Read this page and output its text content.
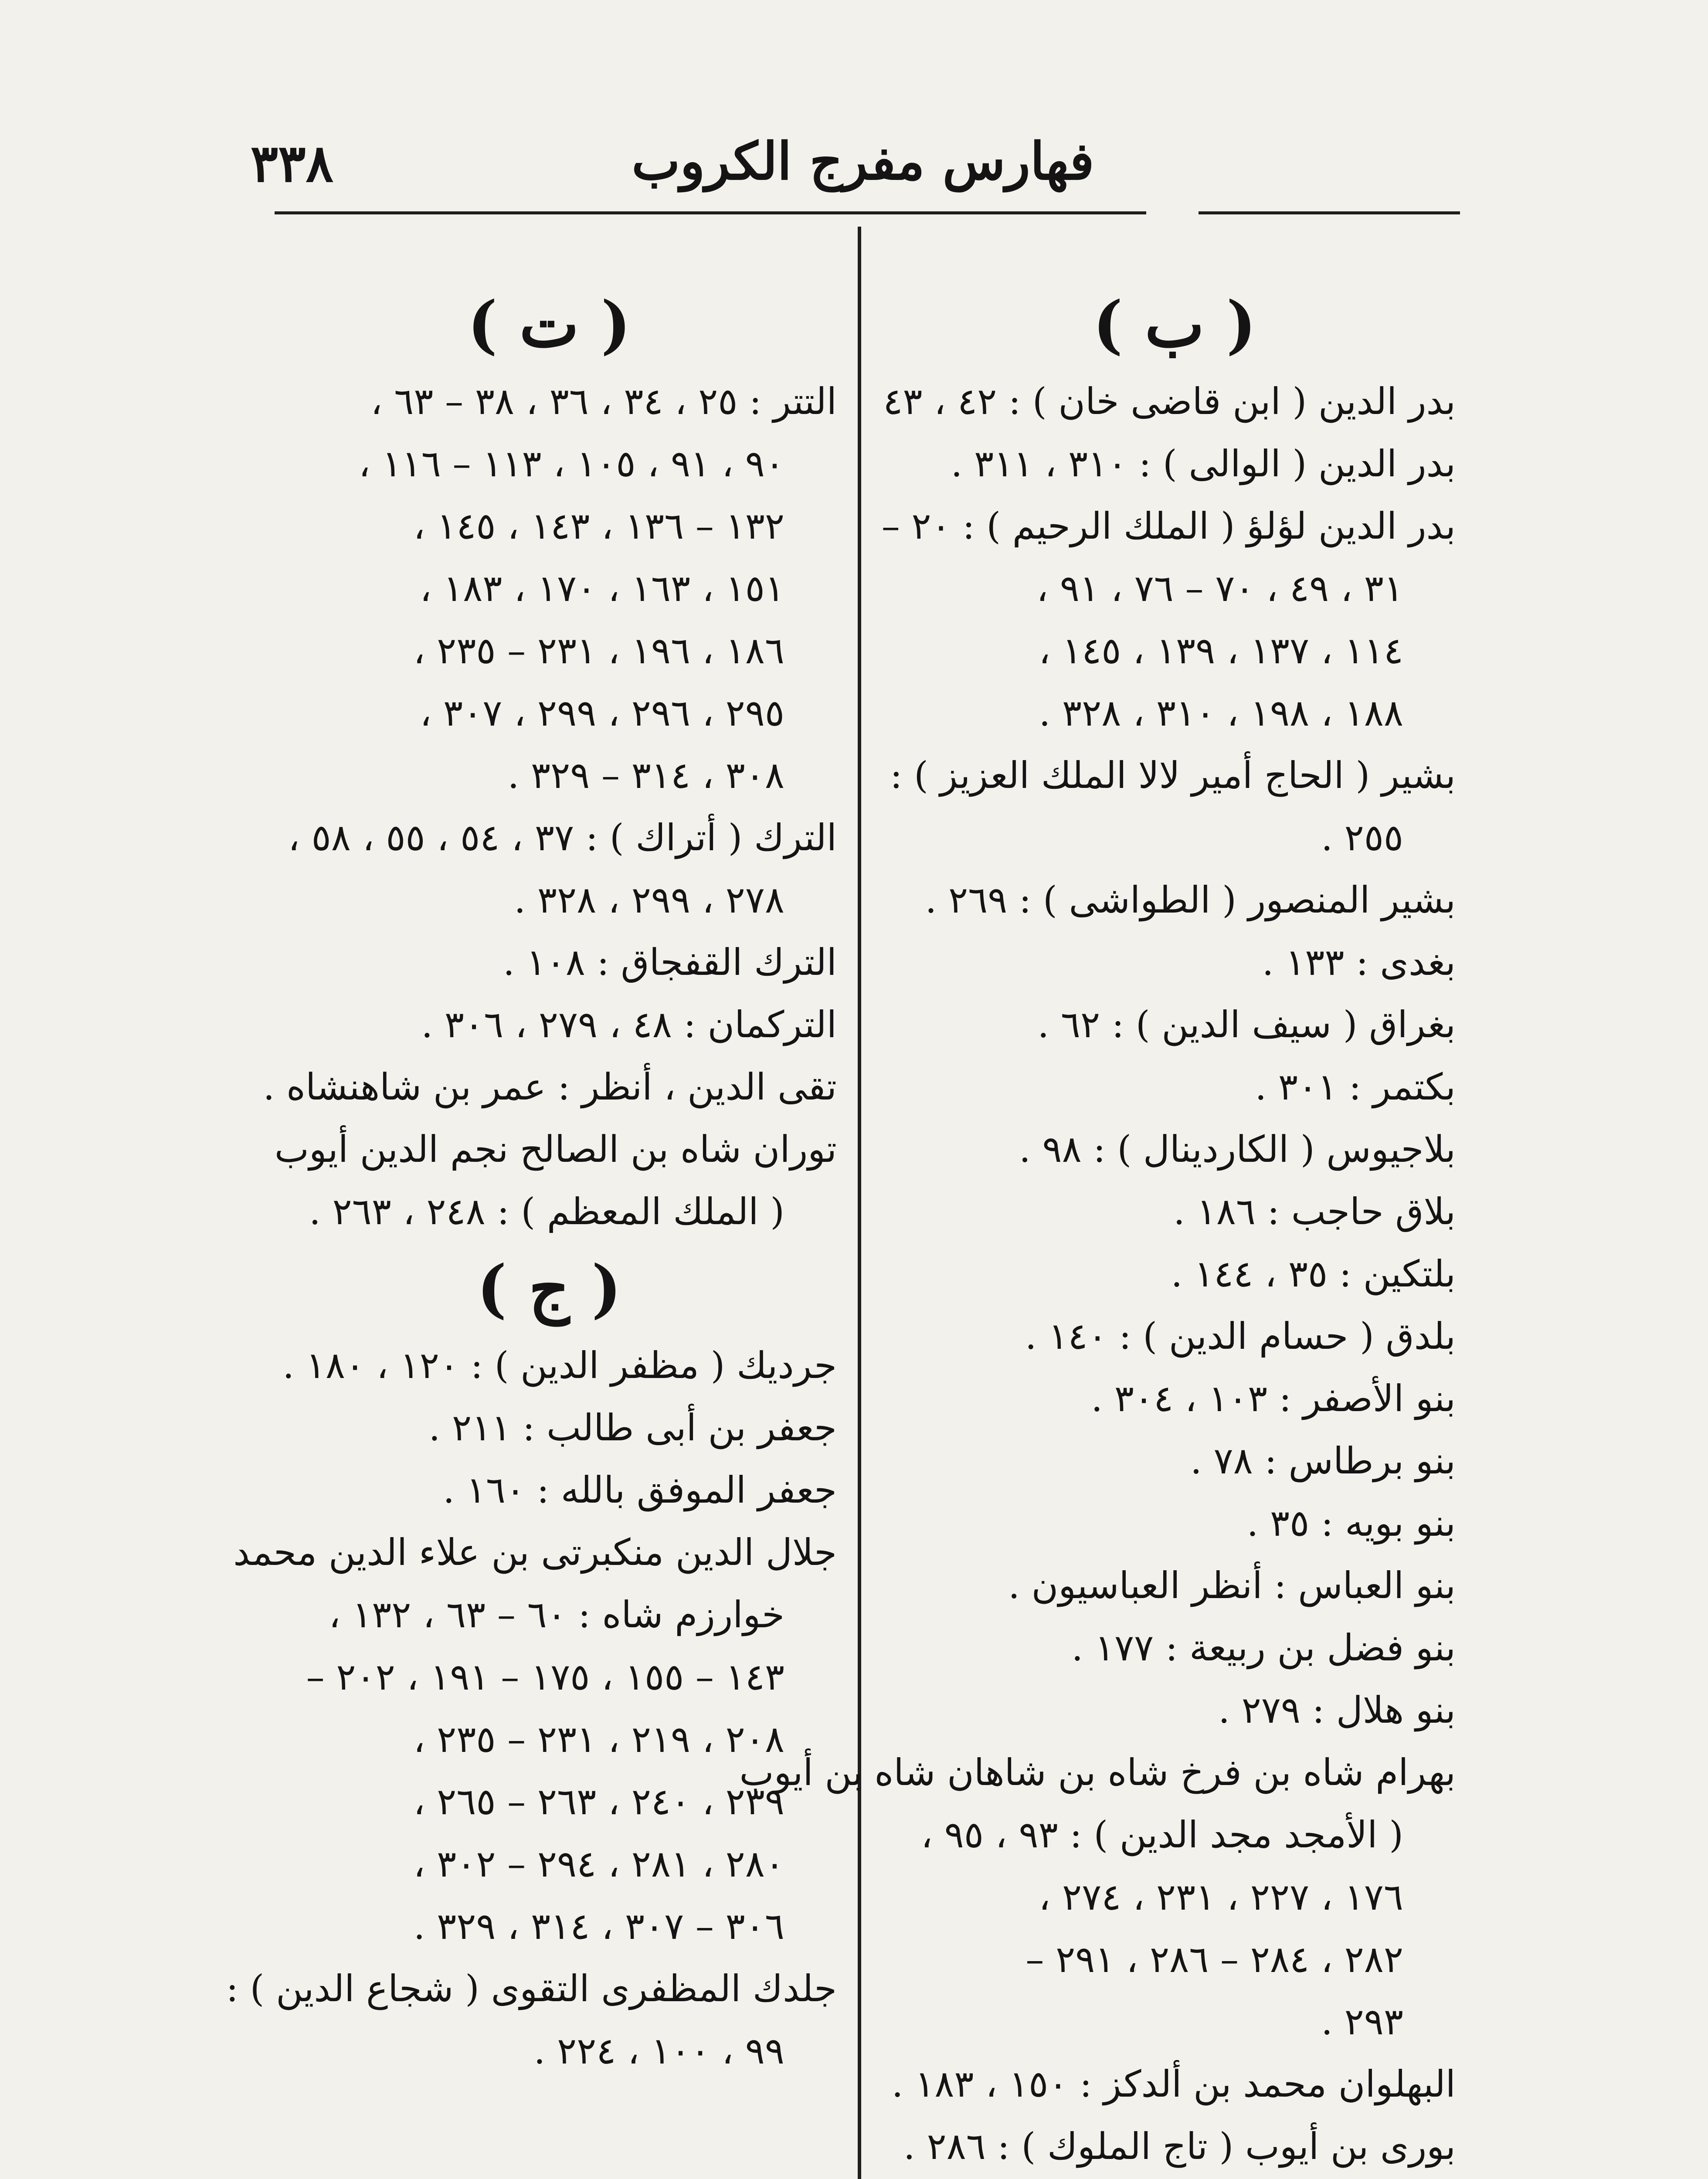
٣٣٨	فهارس مفرج الكروب
( ب )
بدر الدين ( ابن قاضى خان ) : ٤٢ ، ٤٣
بدر الدين ( الوالى ) : ٣١٠ ، ٣١١ .
بدر الدين لؤلؤ ( الملك الرحيم ) : ٢٠ –
٣١ ، ٤٩ ، ٧٠ – ٧٦ ، ٩١ ،
١١٤ ، ١٣٧ ، ١٣٩ ، ١٤٥ ،
١٨٨ ، ١٩٨ ، ٣١٠ ، ٣٢٨ .
بشير ( الحاج أمير لالا الملك العزيز ) :
٢٥٥ .
بشير المنصور ( الطواشى ) : ٢٦٩ .
بغدى : ١٣٣ .
بغراق ( سيف الدين ) : ٦٢ .
بكتمر : ٣٠١ .
بلاجيوس ( الكاردينال ) : ٩٨ .
بلاق حاجب : ١٨٦ .
بلتكين : ٣٥ ، ١٤٤ .
بلدق ( حسام الدين ) : ١٤٠ .
بنو الأصفر : ١٠٣ ، ٣٠٤ .
بنو برطاس : ٧٨ .
بنو بويه : ٣٥ .
بنو العباس : أنظر العباسيون .
بنو فضل بن ربيعة : ١٧٧ .
بنو هلال : ٢٧٩ .
بهرام شاه بن فرخ شاه بن شاهان شاه بن أيوب
( الأمجد مجد الدين ) : ٩٣ ، ٩٥ ،
١٧٦ ، ٢٢٧ ، ٢٣١ ، ٢٧٤ ،
٢٨٢ ، ٢٨٤ – ٢٨٦ ، ٢٩١ –
٢٩٣ .
البهلوان محمد بن ألدكز : ١٥٠ ، ١٨٣ .
بورى بن أيوب ( تاج الملوك ) : ٢٨٦ .
( ت )
التتر : ٢٥ ، ٣٤ ، ٣٦ ، ٣٨ – ٦٣ ،
٩٠ ، ٩١ ، ١٠٥ ، ١١٣ – ١١٦ ،
١٣٢ – ١٣٦ ، ١٤٣ ، ١٤٥ ،
١٥١ ، ١٦٣ ، ١٧٠ ، ١٨٣ ،
١٨٦ ، ١٩٦ ، ٢٣١ – ٢٣٥ ،
٢٩٥ ، ٢٩٦ ، ٢٩٩ ، ٣٠٧ ،
٣٠٨ ، ٣١٤ – ٣٢٩ .
الترك ( أتراك ) : ٣٧ ، ٥٤ ، ٥٥ ، ٥٨ ،
٢٧٨ ، ٢٩٩ ، ٣٢٨ .
الترك القفجاق : ١٠٨ .
التركمان : ٤٨ ، ٢٧٩ ، ٣٠٦ .
تقى الدين ، أنظر : عمر بن شاهنشاه .
توران شاه بن الصالح نجم الدين أيوب
( الملك المعظم ) : ٢٤٨ ، ٢٦٣ .
( ج )
جرديك ( مظفر الدين ) : ١٢٠ ، ١٨٠ .
جعفر بن أبى طالب : ٢١١ .
جعفر الموفق بالله : ١٦٠ .
جلال الدين منكبرتى بن علاء الدين محمد
خوارزم شاه : ٦٠ – ٦٣ ، ١٣٢ ،
١٤٣ – ١٥٥ ، ١٧٥ – ١٩١ ، ٢٠٢ –
٢٠٨ ، ٢١٩ ، ٢٣١ – ٢٣٥ ،
٢٣٩ ، ٢٤٠ ، ٢٦٣ – ٢٦٥ ،
٢٨٠ ، ٢٨١ ، ٢٩٤ – ٣٠٢ ،
٣٠٦ – ٣٠٧ ، ٣١٤ ، ٣٢٩ .
جلدك المظفرى التقوى ( شجاع الدين ) :
٩٩ ، ١٠٠ ، ٢٢٤ .
